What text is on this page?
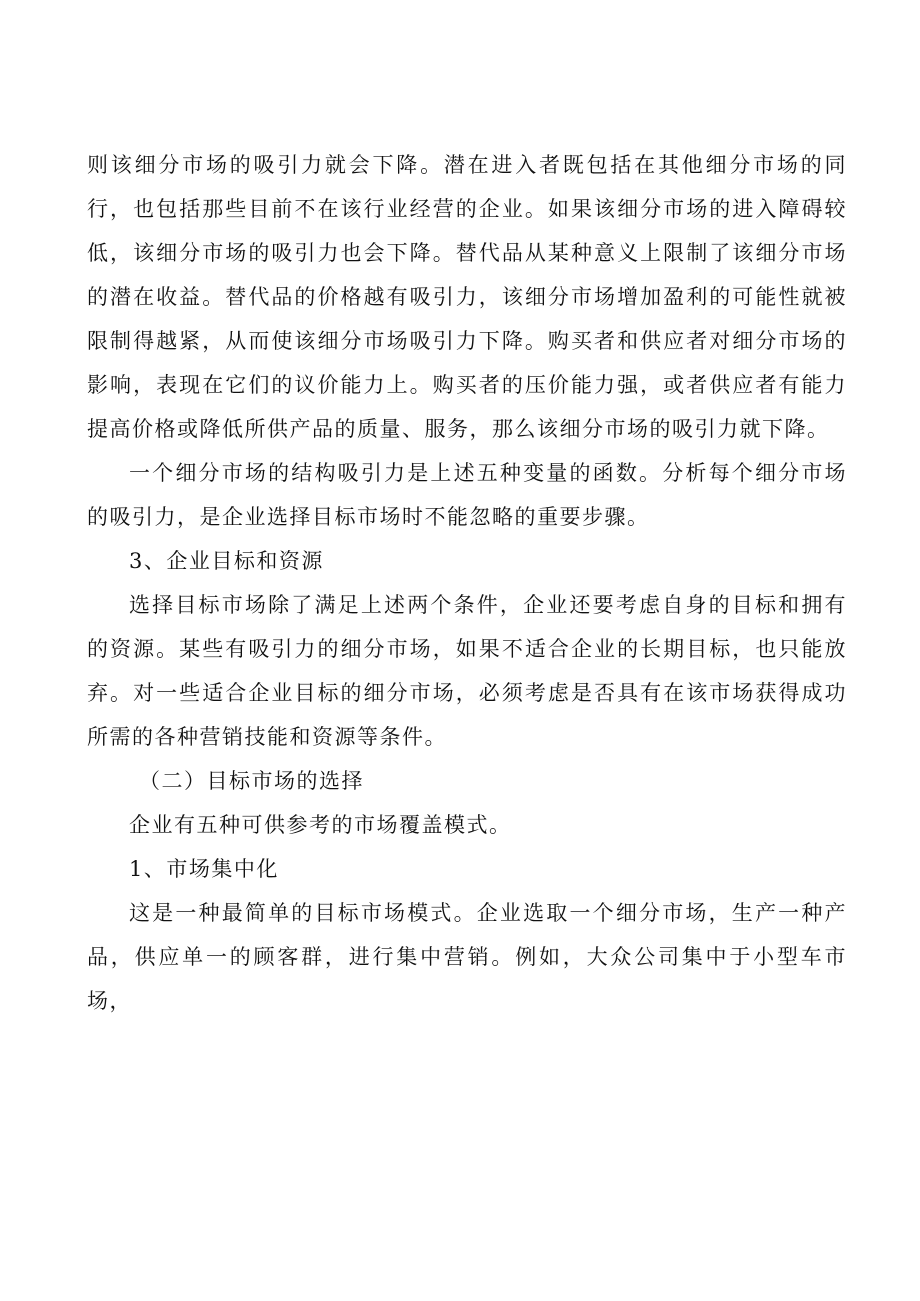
则该细分市场的吸引力就会下降。潜在进入者既包括在其他细分市场的同行，也包括那些目前不在该行业经营的企业。如果该细分市场的进入障碍较低，该细分市场的吸引力也会下降。替代品从某种意义上限制了该细分市场的潜在收益。替代品的价格越有吸引力，该细分市场增加盈利的可能性就被限制得越紧，从而使该细分市场吸引力下降。购买者和供应者对细分市场的影响，表现在它们的议价能力上。购买者的压价能力强，或者供应者有能力提高价格或降低所供产品的质量、服务，那么该细分市场的吸引力就下降。

一个细分市场的结构吸引力是上述五种变量的函数。分析每个细分市场的吸引力，是企业选择目标市场时不能忽略的重要步骤。

3、企业目标和资源

选择目标市场除了满足上述两个条件，企业还要考虑自身的目标和拥有的资源。某些有吸引力的细分市场，如果不适合企业的长期目标，也只能放弃。对一些适合企业目标的细分市场，必须考虑是否具有在该市场获得成功所需的各种营销技能和资源等条件。

（二）目标市场的选择

企业有五种可供参考的市场覆盖模式。

1、市场集中化

这是一种最简单的目标市场模式。企业选取一个细分市场，生产一种产品，供应单一的顾客群，进行集中营销。例如，大众公司集中于小型车市场，
